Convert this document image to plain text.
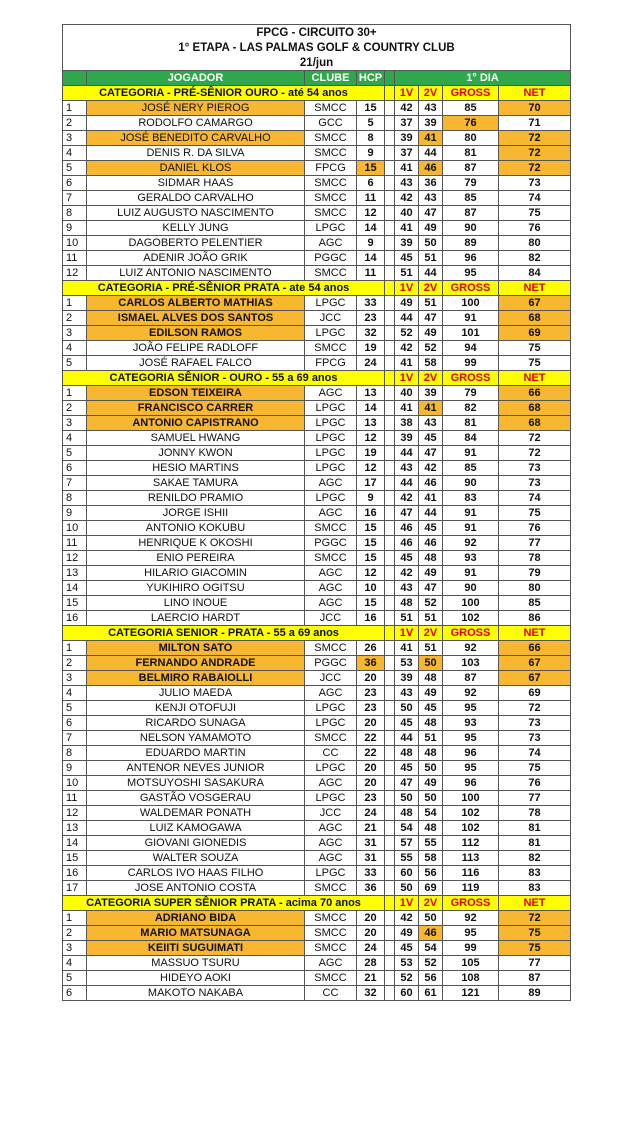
FPCG - CIRCUITO 30+								
1° ETAPA - LAS PALMAS GOLF & COUNTRY CLUB								
21/jun								
	JOGADOR	CLUBE	HCP		1° DIA			
CATEGORIA - PRÉ-SÊNIOR OURO - até 54 anos					1V	2V	GROSS	NET
1	JOSÉ NERY PIEROG	SMCC	15		42	43	85	70
2	RODOLFO CAMARGO	GCC	5		37	39	76	71
3	JOSÉ BENEDITO CARVALHO	SMCC	8		39	41	80	72
4	DENIS R. DA SILVA	SMCC	9		37	44	81	72
5	DANIEL KLOS	FPCG	15		41	46	87	72
6	SIDMAR HAAS	SMCC	6		43	36	79	73
7	GERALDO CARVALHO	SMCC	11		42	43	85	74
8	LUIZ AUGUSTO NASCIMENTO	SMCC	12		40	47	87	75
9	KELLY JUNG	LPGC	14		41	49	90	76
10	DAGOBERTO PELENTIER	AGC	9		39	50	89	80
11	ADENIR JOÃO GRIK	PGGC	14		45	51	96	82
12	LUIZ ANTONIO NASCIMENTO	SMCC	11		51	44	95	84
CATEGORIA - PRÉ-SÊNIOR PRATA - ate 54 anos					1V	2V	GROSS	NET
1	CARLOS ALBERTO MATHIAS	LPGC	33		49	51	100	67
2	ISMAEL ALVES DOS SANTOS	JCC	23		44	47	91	68
3	EDILSON RAMOS	LPGC	32		52	49	101	69
4	JOÃO FELIPE RADLOFF	SMCC	19		42	52	94	75
5	JOSÉ RAFAEL FALCO	FPCG	24		41	58	99	75
CATEGORIA SÊNIOR - OURO - 55 a 69 anos					1V	2V	GROSS	NET
1	EDSON TEIXEIRA	AGC	13		40	39	79	66
2	FRANCISCO CARRER	LPGC	14		41	41	82	68
3	ANTONIO CAPISTRANO	LPGC	13		38	43	81	68
4	SAMUEL HWANG	LPGC	12		39	45	84	72
5	JONNY KWON	LPGC	19		44	47	91	72
6	HESIO MARTINS	LPGC	12		43	42	85	73
7	SAKAE TAMURA	AGC	17		44	46	90	73
8	RENILDO PRAMIO	LPGC	9		42	41	83	74
9	JORGE ISHII	AGC	16		47	44	91	75
10	ANTONIO KOKUBU	SMCC	15		46	45	91	76
11	HENRIQUE K OKOSHI	PGGC	15		46	46	92	77
12	ENIO PEREIRA	SMCC	15		45	48	93	78
13	HILARIO GIACOMIN	AGC	12		42	49	91	79
14	YUKIHIRO OGITSU	AGC	10		43	47	90	80
15	LINO INOUE	AGC	15		48	52	100	85
16	LAERCIO HARDT	JCC	16		51	51	102	86
CATEGORIA SENIOR - PRATA - 55 a 69 anos					1V	2V	GROSS	NET
1	MILTON SATO	SMCC	26		41	51	92	66
2	FERNANDO ANDRADE	PGGC	36		53	50	103	67
3	BELMIRO RABAIOLLI	JCC	20		39	48	87	67
4	JULIO MAEDA	AGC	23		43	49	92	69
5	KENJI OTOFUJI	LPGC	23		50	45	95	72
6	RICARDO SUNAGA	LPGC	20		45	48	93	73
7	NELSON YAMAMOTO	SMCC	22		44	51	95	73
8	EDUARDO MARTIN	CC	22		48	48	96	74
9	ANTENOR NEVES JUNIOR	LPGC	20		45	50	95	75
10	MOTSUYOSHI SASAKURA	AGC	20		47	49	96	76
11	GASTÃO VOSGERAU	LPGC	23		50	50	100	77
12	WALDEMAR PONATH	JCC	24		48	54	102	78
13	LUIZ KAMOGAWA	AGC	21		54	48	102	81
14	GIOVANI GIONEDIS	AGC	31		57	55	112	81
15	WALTER SOUZA	AGC	31		55	58	113	82
16	CARLOS IVO HAAS FILHO	LPGC	33		60	56	116	83
17	JOSE ANTONIO COSTA	SMCC	36		50	69	119	83
CATEGORIA SUPER SÊNIOR PRATA - acima 70 anos					1V	2V	GROSS	NET
1	ADRIANO BIDA	SMCC	20		42	50	92	72
2	MARIO MATSUNAGA	SMCC	20		49	46	95	75
3	KEIITI SUGUIMATI	SMCC	24		45	54	99	75
4	MASSUO TSURU	AGC	28		53	52	105	77
5	HIDEYO AOKI	SMCC	21		52	56	108	87
6	MAKOTO NAKABA	CC	32		60	61	121	89
